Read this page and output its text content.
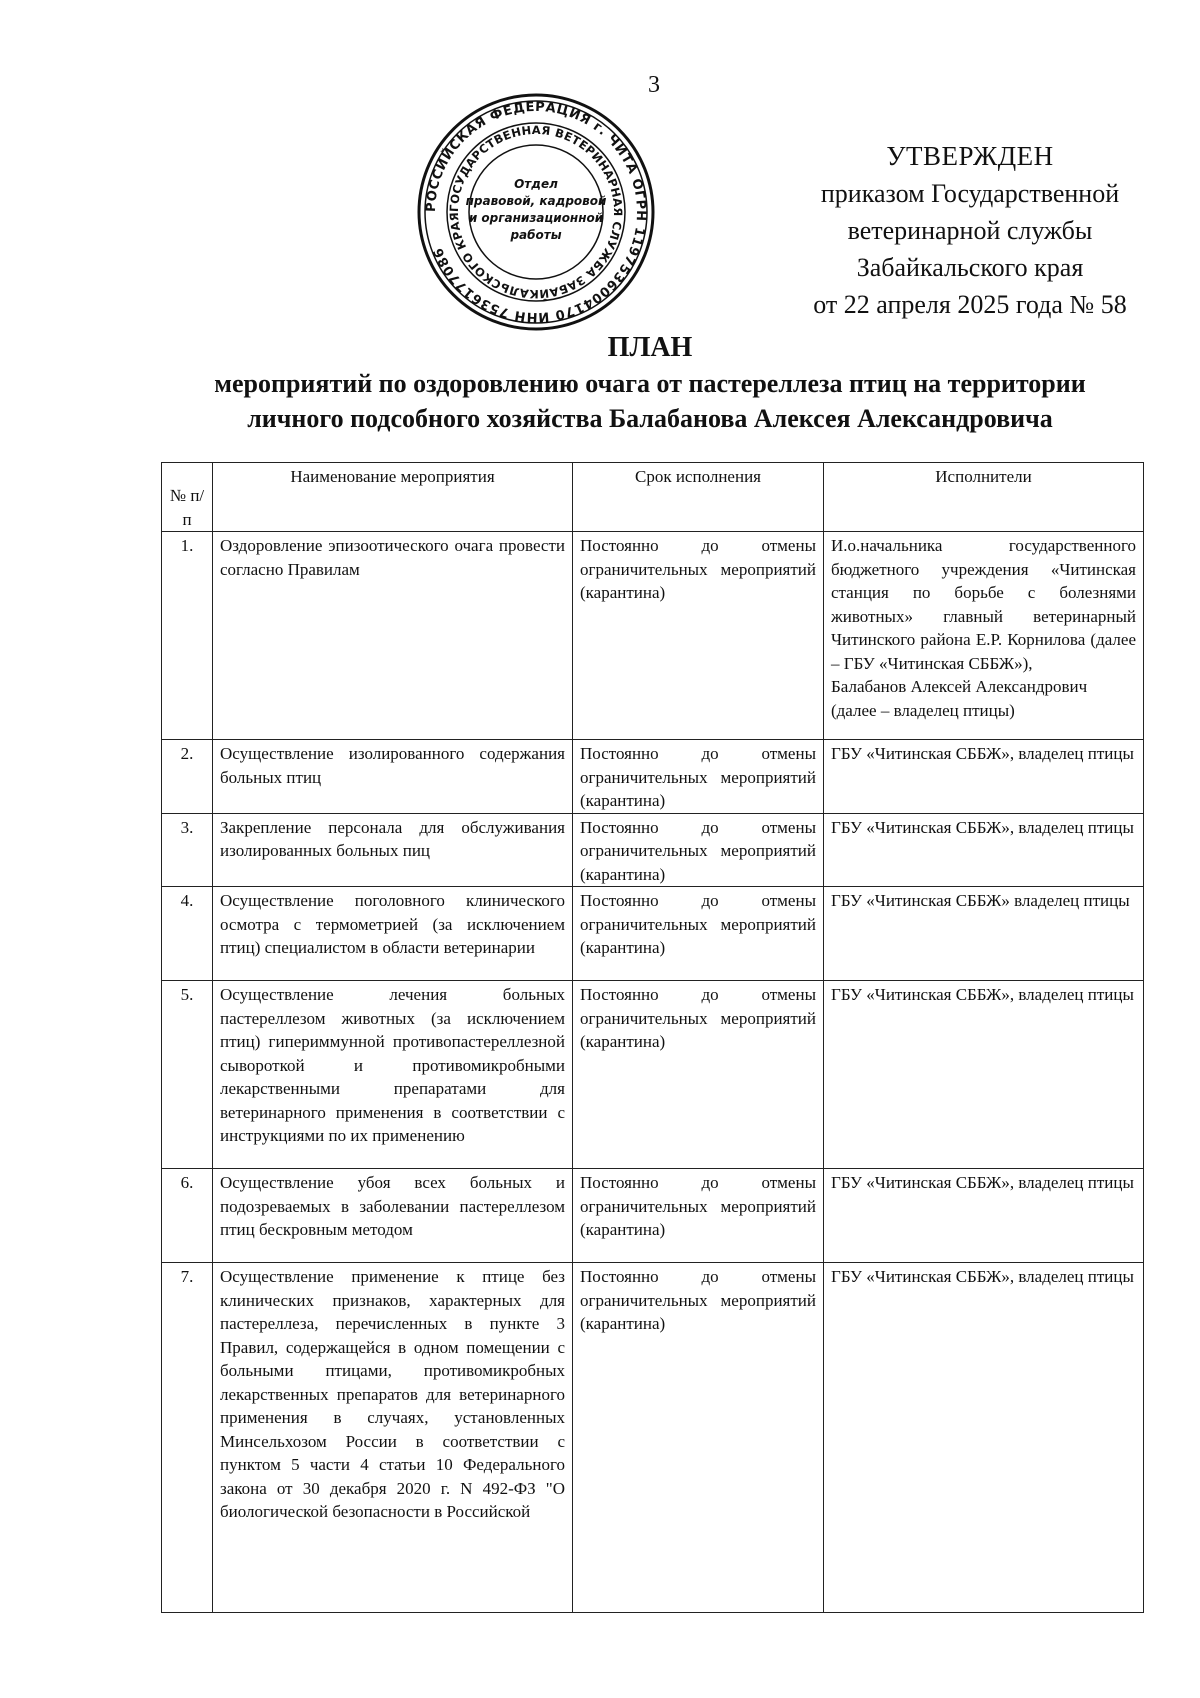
3
РОССИЙСКАЯ ФЕДЕРАЦИЯ г. ЧИТА ОГРН 1197536004170 ИНН 7536177086
ГОСУДАРСТВЕННАЯ ВЕТЕРИНАРНАЯ СЛУЖБА ЗАБАЙКАЛЬСКОГО КРАЯ
Отдел
правовой, кадровой
и организационной
работы
УТВЕРЖДЕН
приказом Государственной
ветеринарной службы
Забайкальского края
от 22 апреля 2025 года № 58
ПЛАН
мероприятий по оздоровлению очага от пастереллеза птиц на территории
личного подсобного хозяйства Балабанова Алексея Александровича
№ п/п	Наименование мероприятия	Срок исполнения	Исполнители
1.	Оздоровление эпизоотического очага провести согласно Правилам	Постоянно до отмены ограничительных мероприятий (карантина)	И.о.начальника государственного бюджетного учреждения «Читинская станция по борьбе с болезнями животных» главный ветеринарный Читинского района Е.Р. Корнилова (далее – ГБУ «Читинская СББЖ»),
Балабанов Алексей Александрович (далее – владелец птицы)

2.	Осуществление изолированного содержания больных птиц	Постоянно до отмены ограничительных мероприятий (карантина)	ГБУ «Читинская СББЖ», владелец птицы
3.	Закрепление персонала для обслуживания изолированных больных пиц	Постоянно до отмены ограничительных мероприятий (карантина)	ГБУ «Читинская СББЖ», владелец птицы
4.	Осуществление поголовного клинического осмотра с термометрией (за исключением птиц) специалистом в области ветеринарии	Постоянно до отмены ограничительных мероприятий (карантина)	ГБУ «Читинская СББЖ» владелец птицы
5.	Осуществление лечения больных пастереллезом животных (за исключением птиц) гипериммунной противопастереллезной сывороткой и противомикробными лекарственными препаратами для ветеринарного применения в соответствии с инструкциями по их применению	Постоянно до отмены ограничительных мероприятий (карантина)	ГБУ «Читинская СББЖ», владелец птицы
6.	Осуществление убоя всех больных и подозреваемых в заболевании пастереллезом птиц бескровным методом	Постоянно до отмены ограничительных мероприятий (карантина)	ГБУ «Читинская СББЖ», владелец птицы
7.	Осуществление применение к птице без клинических признаков, характерных для пастереллеза, перечисленных в пункте 3 Правил, содержащейся в одном помещении с больными птицами, противомикробных лекарственных препаратов для ветеринарного применения в случаях, установленных Минсельхозом России в соответствии с пунктом 5 части 4 статьи 10 Федерального закона от 30 декабря 2020 г. N 492-ФЗ "О биологической безопасности в Российской	Постоянно до отмены ограничительных мероприятий (карантина)	ГБУ «Читинская СББЖ», владелец птицы
